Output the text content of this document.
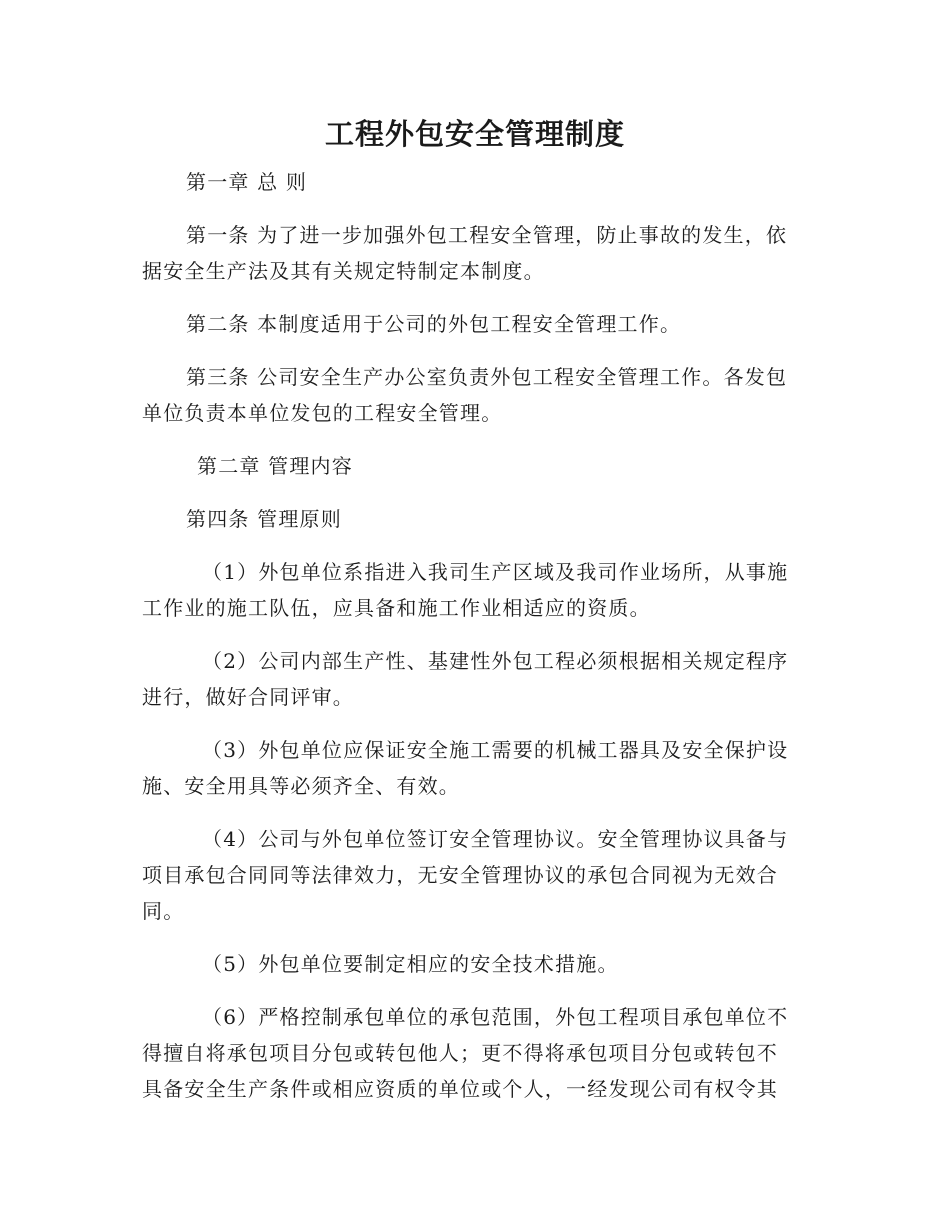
工程外包安全管理制度
第一章 总 则
第一条 为了进一步加强外包工程安全管理，防止事故的发生，依
据安全生产法及其有关规定特制定本制度。
第二条 本制度适用于公司的外包工程安全管理工作。
第三条 公司安全生产办公室负责外包工程安全管理工作。各发包
单位负责本单位发包的工程安全管理。
第二章 管理内容
第四条 管理原则
（1）外包单位系指进入我司生产区域及我司作业场所，从事施
工作业的施工队伍，应具备和施工作业相适应的资质。
（2）公司内部生产性、基建性外包工程必须根据相关规定程序
进行，做好合同评审。
（3）外包单位应保证安全施工需要的机械工器具及安全保护设
施、安全用具等必须齐全、有效。
（4）公司与外包单位签订安全管理协议。安全管理协议具备与
项目承包合同同等法律效力，无安全管理协议的承包合同视为无效合
同。
（5）外包单位要制定相应的安全技术措施。
（6）严格控制承包单位的承包范围，外包工程项目承包单位不
得擅自将承包项目分包或转包他人；更不得将承包项目分包或转包不
具备安全生产条件或相应资质的单位或个人，一经发现公司有权令其
